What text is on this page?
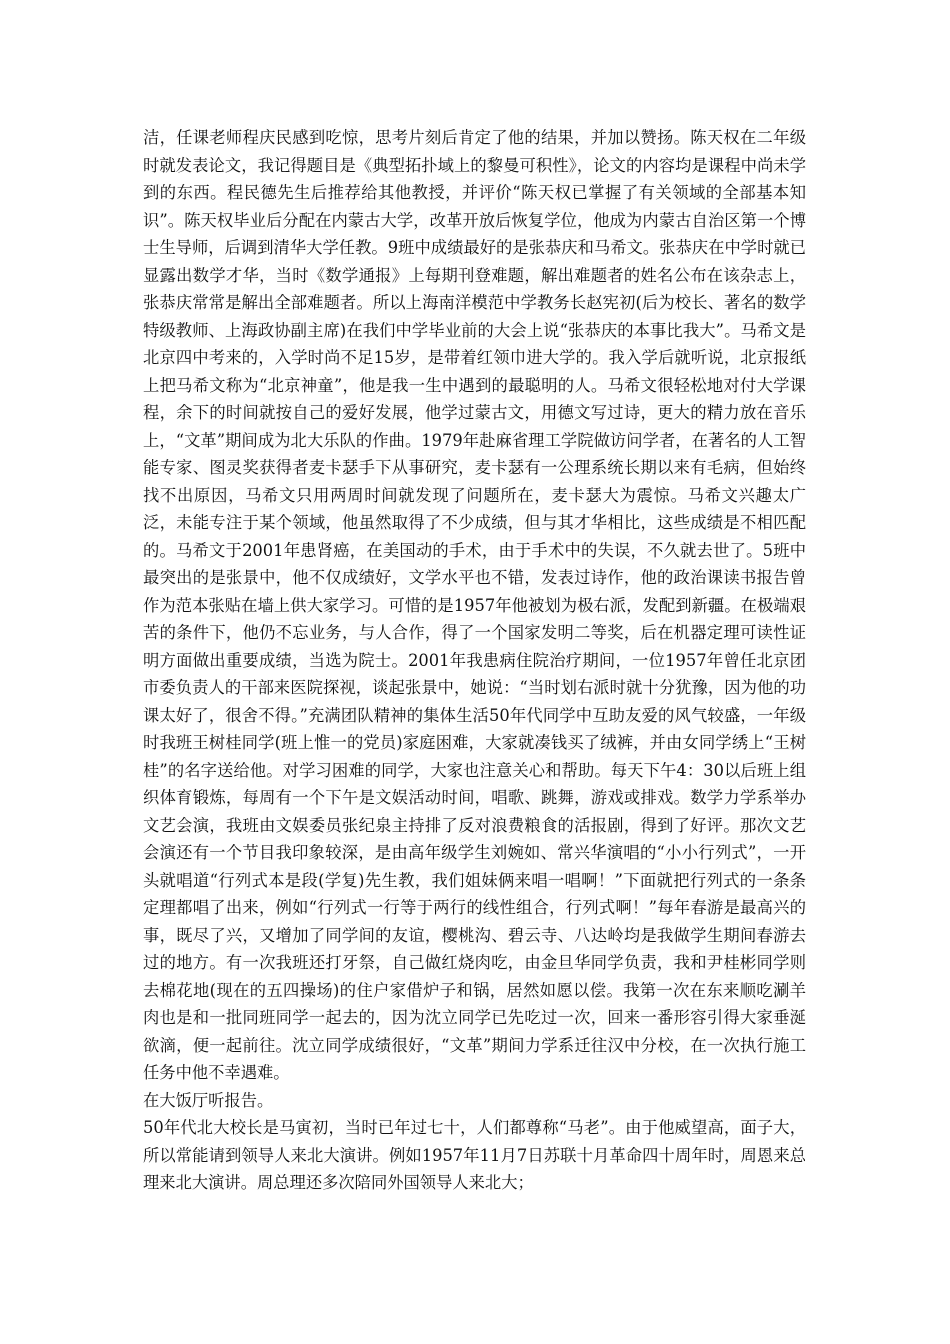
洁，任课老师程庆民感到吃惊，思考片刻后肯定了他的结果，并加以赞扬。陈天权在二年级时就发表论文，我记得题目是《典型拓扑域上的黎曼可积性》，论文的内容均是课程中尚未学到的东西。程民德先生后推荐给其他教授，并评价“陈天权已掌握了有关领域的全部基本知识”。陈天权毕业后分配在内蒙古大学，改革开放后恢复学位，他成为内蒙古自治区第一个博士生导师，后调到清华大学任教。9班中成绩最好的是张恭庆和马希文。张恭庆在中学时就已显露出数学才华，当时《数学通报》上每期刊登难题，解出难题者的姓名公布在该杂志上，张恭庆常常是解出全部难题者。所以上海南洋模范中学教务长赵宪初(后为校长、著名的数学特级教师、上海政协副主席)在我们中学毕业前的大会上说“张恭庆的本事比我大”。马希文是北京四中考来的，入学时尚不足15岁，是带着红领巾进大学的。我入学后就听说，北京报纸上把马希文称为“北京神童”，他是我一生中遇到的最聪明的人。马希文很轻松地对付大学课程，余下的时间就按自己的爱好发展，他学过蒙古文，用德文写过诗，更大的精力放在音乐上，“文革”期间成为北大乐队的作曲。1979年赴麻省理工学院做访问学者，在著名的人工智能专家、图灵奖获得者麦卡瑟手下从事研究，麦卡瑟有一公理系统长期以来有毛病，但始终找不出原因，马希文只用两周时间就发现了问题所在，麦卡瑟大为震惊。马希文兴趣太广泛，未能专注于某个领域，他虽然取得了不少成绩，但与其才华相比，这些成绩是不相匹配的。马希文于2001年患肾癌，在美国动的手术，由于手术中的失误，不久就去世了。5班中最突出的是张景中，他不仅成绩好，文学水平也不错，发表过诗作，他的政治课读书报告曾作为范本张贴在墙上供大家学习。可惜的是1957年他被划为极右派，发配到新疆。在极端艰苦的条件下，他仍不忘业务，与人合作，得了一个国家发明二等奖，后在机器定理可读性证明方面做出重要成绩，当选为院士。2001年我患病住院治疗期间，一位1957年曾任北京团市委负责人的干部来医院探视，谈起张景中，她说：“当时划右派时就十分犹豫，因为他的功课太好了，很舍不得。”充满团队精神的集体生活50年代同学中互助友爱的风气较盛，一年级时我班王树桂同学(班上惟一的党员)家庭困难，大家就凑钱买了绒裤，并由女同学绣上“王树桂”的名字送给他。对学习困难的同学，大家也注意关心和帮助。每天下午4：30以后班上组织体育锻炼，每周有一个下午是文娱活动时间，唱歌、跳舞，游戏或排戏。数学力学系举办文艺会演，我班由文娱委员张纪泉主持排了反对浪费粮食的活报剧，得到了好评。那次文艺会演还有一个节目我印象较深，是由高年级学生刘婉如、常兴华演唱的“小小行列式”，一开头就唱道“行列式本是段(学复)先生教，我们姐妹俩来唱一唱啊！”下面就把行列式的一条条定理都唱了出来，例如“行列式一行等于两行的线性组合，行列式啊！”每年春游是最高兴的事，既尽了兴，又增加了同学间的友谊，樱桃沟、碧云寺、八达岭均是我做学生期间春游去过的地方。有一次我班还打牙祭，自己做红烧肉吃，由金旦华同学负责，我和尹桂彬同学则去棉花地(现在的五四操场)的住户家借炉子和锅，居然如愿以偿。我第一次在东来顺吃涮羊肉也是和一批同班同学一起去的，因为沈立同学已先吃过一次，回来一番形容引得大家垂涎欲滴，便一起前往。沈立同学成绩很好，“文革”期间力学系迁往汉中分校，在一次执行施工任务中他不幸遇难。

在大饭厅听报告。

50年代北大校长是马寅初，当时已年过七十，人们都尊称“马老”。由于他威望高，面子大，所以常能请到领导人来北大演讲。例如1957年11月7日苏联十月革命四十周年时，周恩来总理来北大演讲。周总理还多次陪同外国领导人来北大；
